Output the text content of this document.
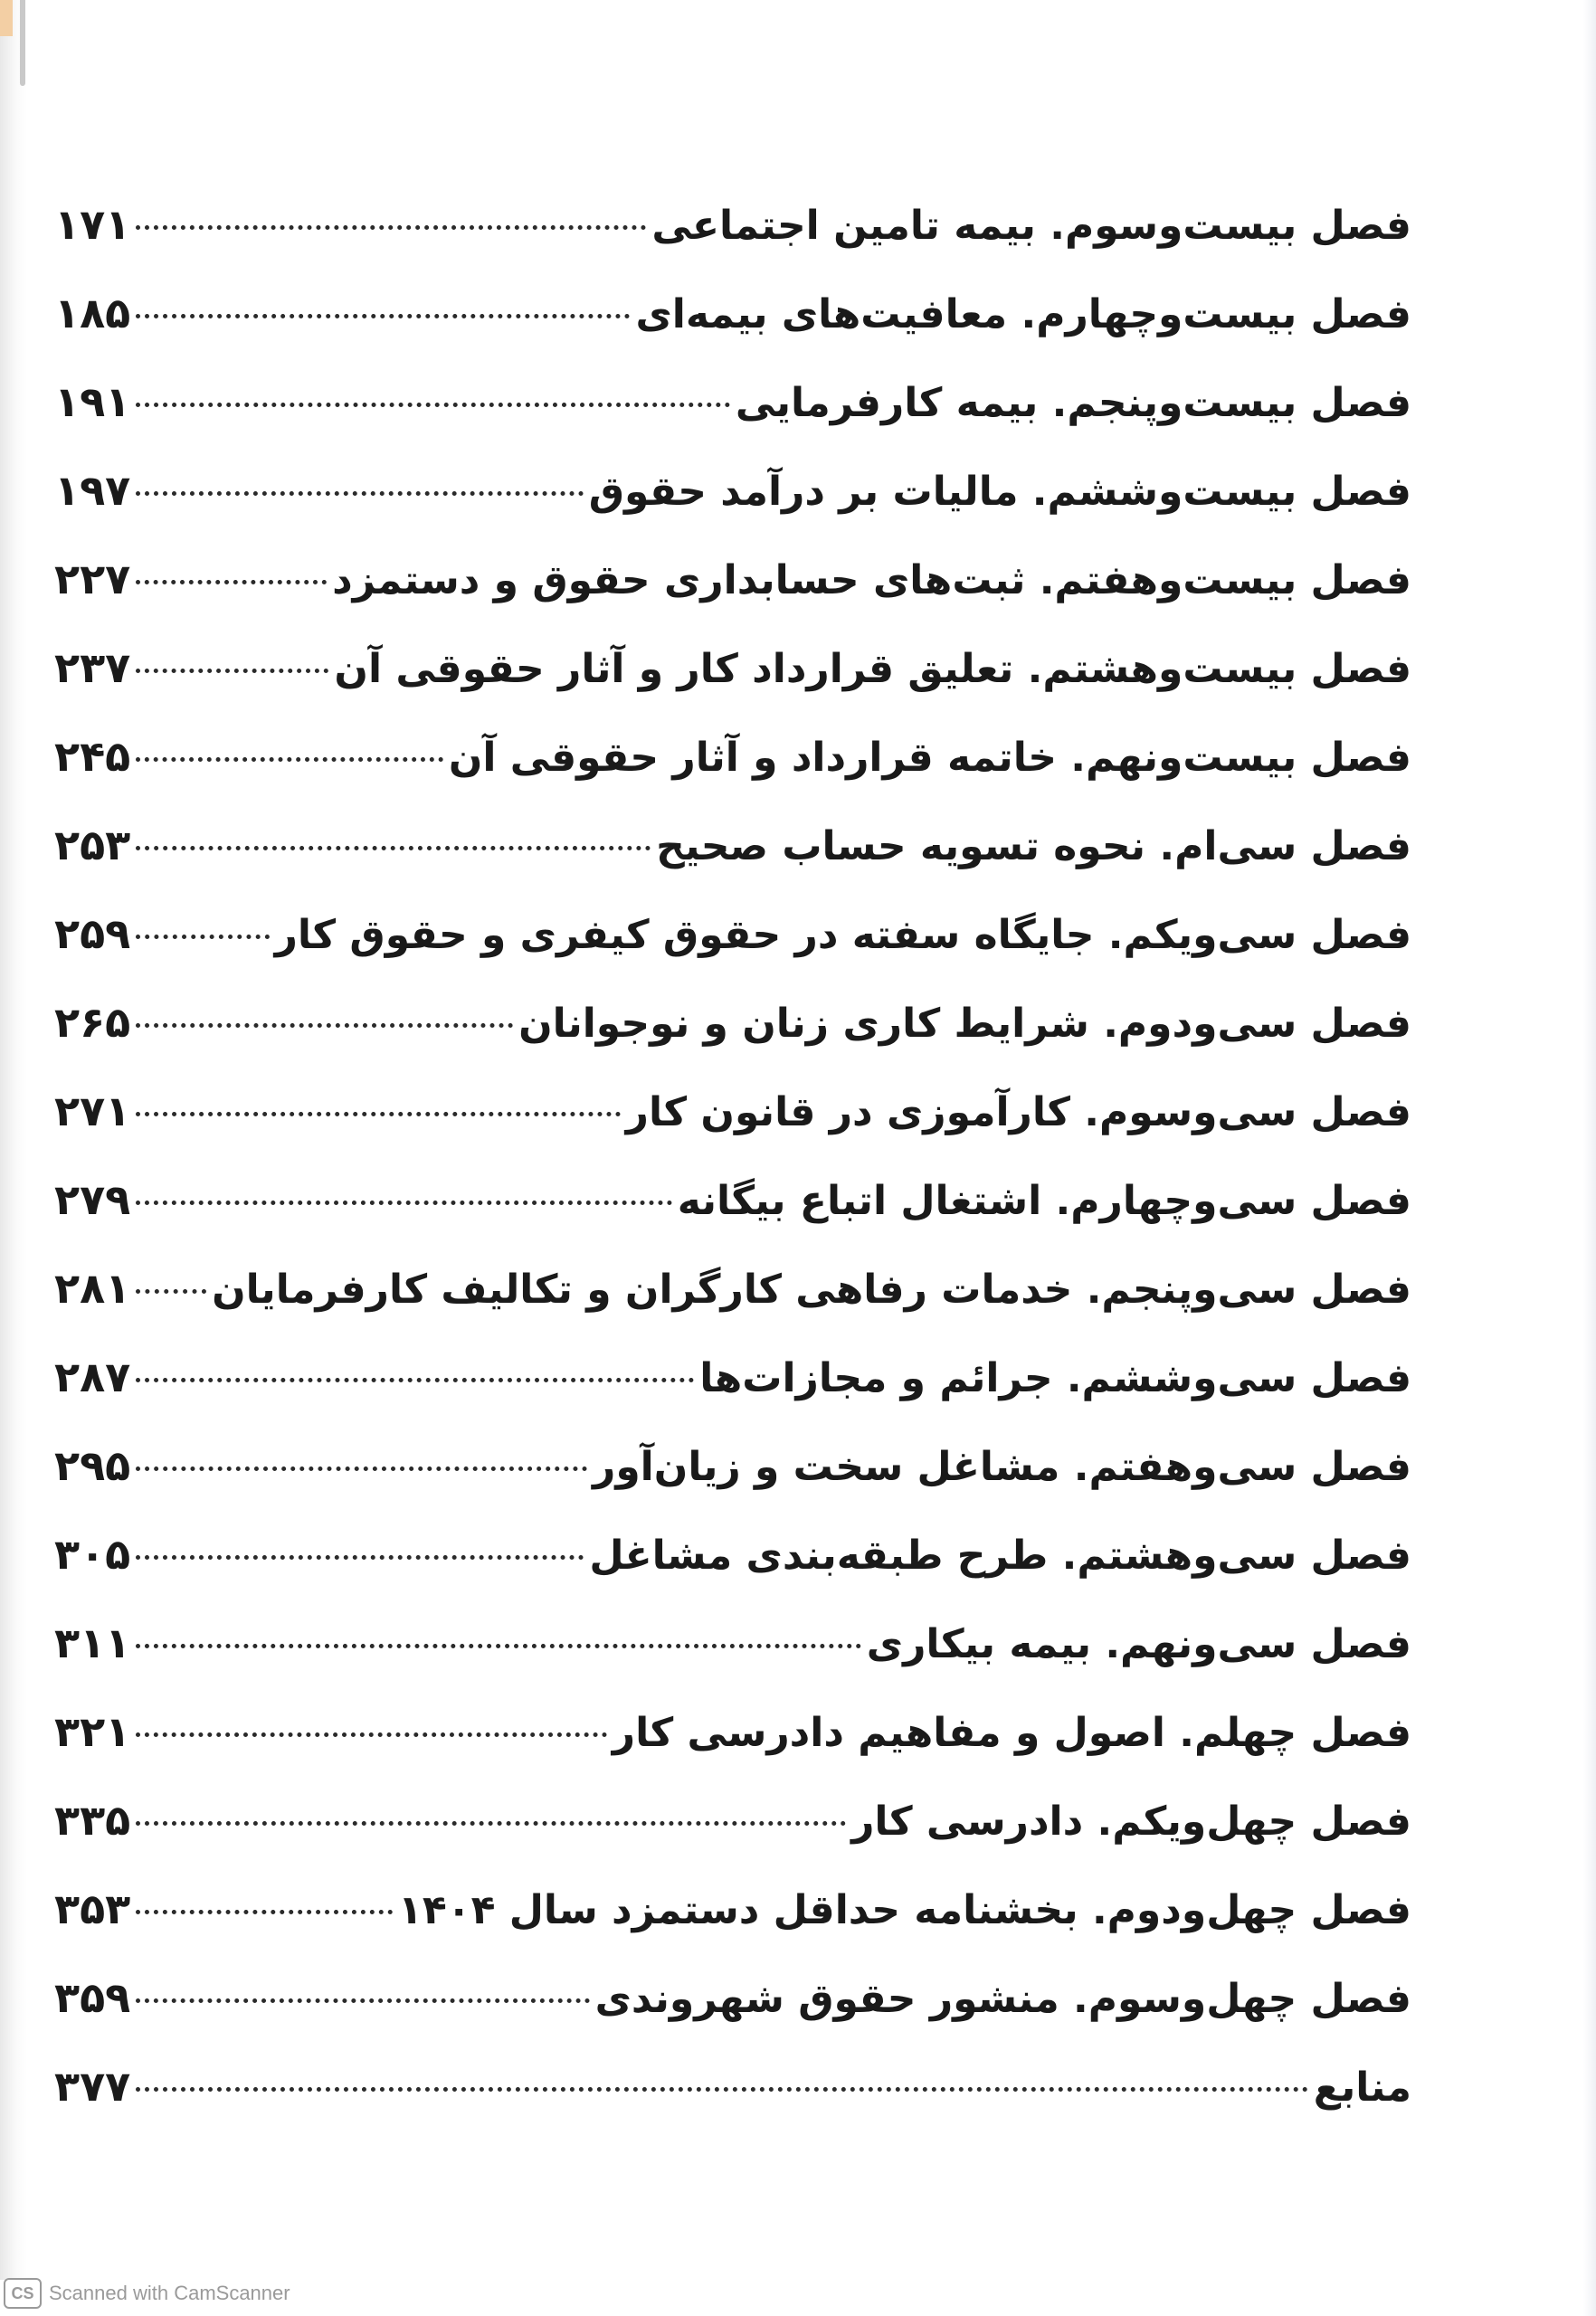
فصل بیست‌وسوم. بیمه تامین اجتماعی
۱۷۱
فصل بیست‌وچهارم. معافیت‌های بیمه‌ای
۱۸۵
فصل بیست‌وپنجم. بیمه کارفرمایی
۱۹۱
فصل بیست‌وششم. مالیات بر درآمد حقوق
۱۹۷
فصل بیست‌وهفتم. ثبت‌های حسابداری حقوق و دستمزد
۲۲۷
فصل بیست‌وهشتم. تعلیق قرارداد کار و آثار حقوقی آن
۲۳۷
فصل بیست‌ونهم. خاتمه قرارداد و آثار حقوقی آن
۲۴۵
فصل سی‌ام. نحوه تسویه حساب صحیح
۲۵۳
فصل سی‌ویکم. جایگاه سفته در حقوق کیفری و حقوق کار
۲۵۹
فصل سی‌ودوم. شرایط کاری زنان و نوجوانان
۲۶۵
فصل سی‌وسوم. کارآموزی در قانون کار
۲۷۱
فصل سی‌وچهارم. اشتغال اتباع بیگانه
۲۷۹
فصل سی‌وپنجم. خدمات رفاهی کارگران و تکالیف کارفرمایان
۲۸۱
فصل سی‌وششم. جرائم و مجازات‌ها
۲۸۷
فصل سی‌وهفتم. مشاغل سخت و زیان‌آور
۲۹۵
فصل سی‌وهشتم. طرح طبقه‌بندی مشاغل
۳۰۵
فصل سی‌ونهم. بیمه بیکاری
۳۱۱
فصل چهلم. اصول و مفاهیم دادرسی کار
۳۲۱
فصل چهل‌ویکم. دادرسی کار
۳۳۵
فصل چهل‌ودوم. بخشنامه حداقل دستمزد سال ۱۴۰۴
۳۵۳
فصل چهل‌وسوم. منشور حقوق شهروندی
۳۵۹
منابع
۳۷۷
CS Scanned with CamScanner
